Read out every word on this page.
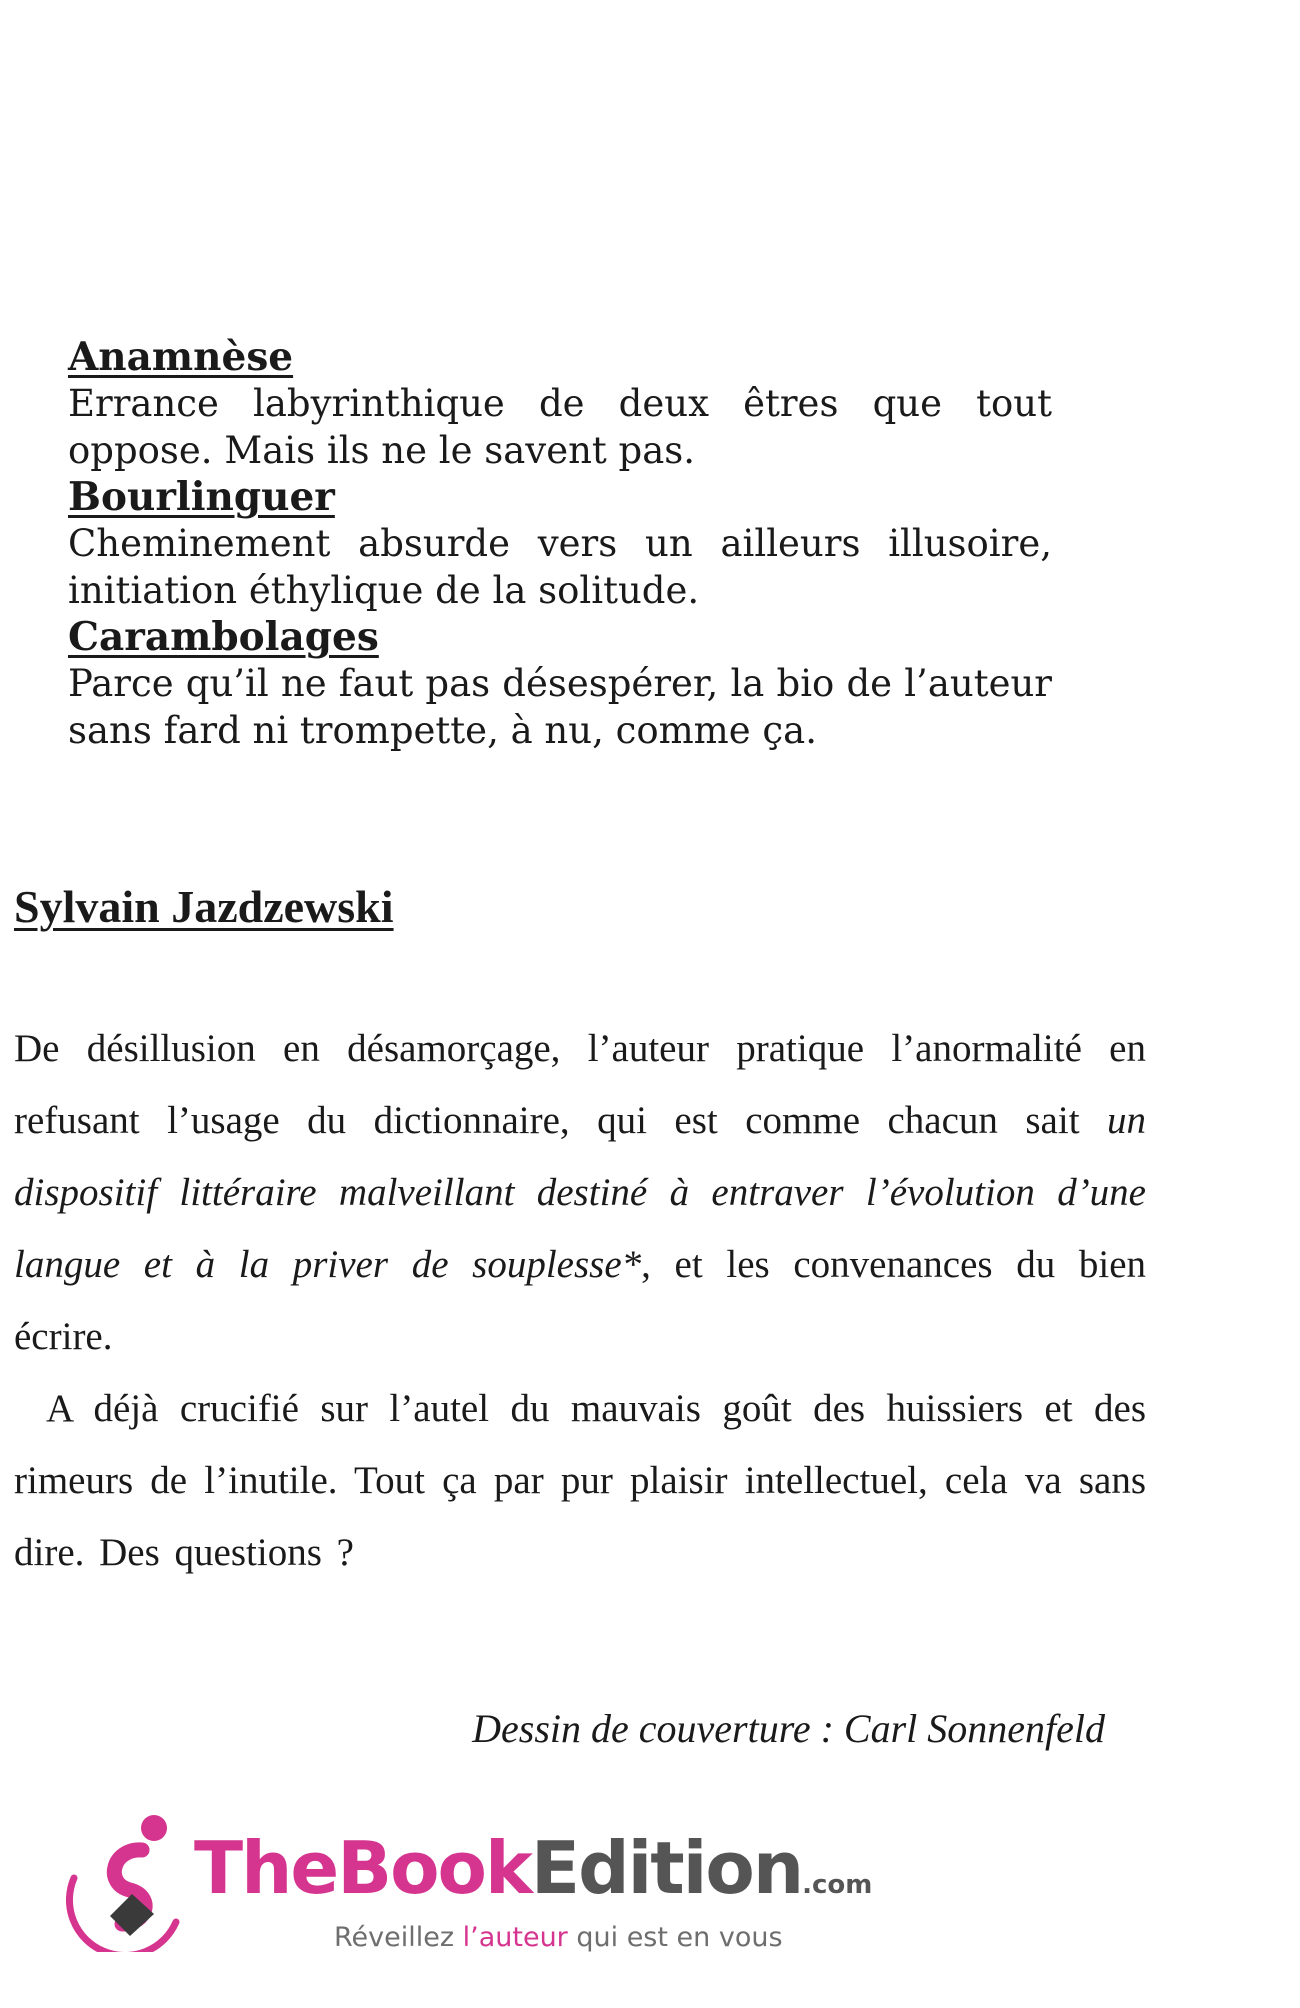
Anamnèse
Errance labyrinthique de deux êtres que tout oppose. Mais ils ne le savent pas.
Bourlinguer
Cheminement absurde vers un ailleurs illusoire, initiation éthylique de la solitude.
Carambolages
Parce qu’il ne faut pas désespérer, la bio de l’auteur sans fard ni trompette, à nu, comme ça.
Sylvain Jazdzewski

De désillusion en désamorçage, l’auteur pratique l’anormalité en refusant l’usage du dictionnaire, qui est comme chacun sait un dispositif littéraire malveillant destiné à entraver l’évolution d’une langue et à la priver de souplesse*, et les convenances du bien écrire.

A déjà crucifié sur l’autel du mauvais goût des huissiers et des rimeurs de l’inutile. Tout ça par pur plaisir intellectuel, cela va sans dire. Des questions ?

Dessin de couverture : Carl Sonnenfeld
TheBookEdition.com
Réveillez l’auteur qui est en vous
